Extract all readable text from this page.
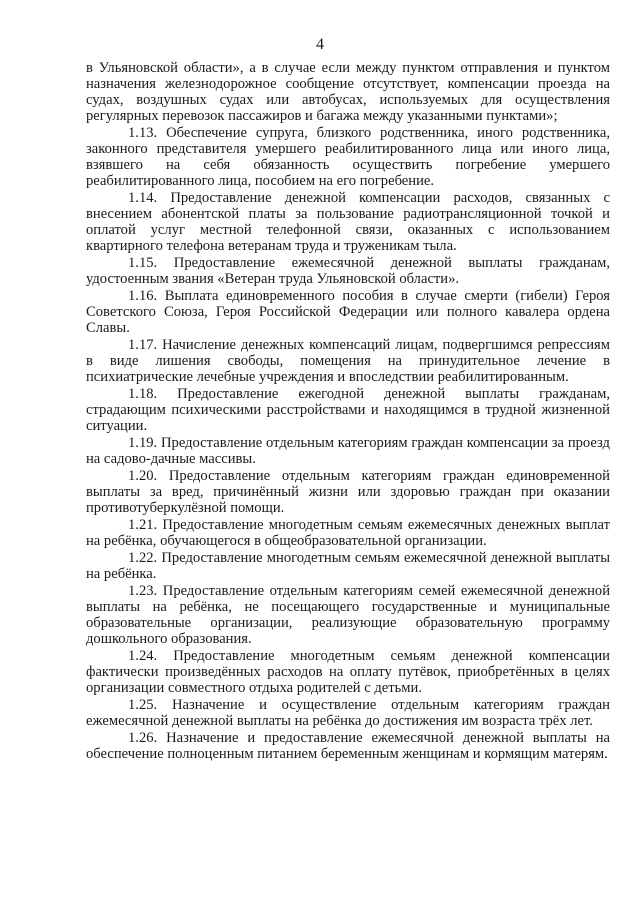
4

в Ульяновской области», а в случае если между пунктом отправления и пунктом назначения железнодорожное сообщение отсутствует, компенсации проезда на судах, воздушных судах или автобусах, используемых для осуществления регулярных перевозок пассажиров и багажа между указанными пунктами»;

1.13. Обеспечение супруга, близкого родственника, иного родственника, законного представителя умершего реабилитированного лица или иного лица, взявшего на себя обязанность осуществить погребение умершего реабилитированного лица, пособием на его погребение.

1.14. Предоставление денежной компенсации расходов, связанных с внесением абонентской платы за пользование радиотрансляционной точкой и оплатой услуг местной телефонной связи, оказанных с использованием квартирного телефона ветеранам труда и труженикам тыла.

1.15. Предоставление ежемесячной денежной выплаты гражданам, удостоенным звания «Ветеран труда Ульяновской области».

1.16. Выплата единовременного пособия в случае смерти (гибели) Героя Советского Союза, Героя Российской Федерации или полного кавалера ордена Славы.

1.17. Начисление денежных компенсаций лицам, подвергшимся репрессиям в виде лишения свободы, помещения на принудительное лечение в психиатрические лечебные учреждения и впоследствии реабилитированным.

1.18. Предоставление ежегодной денежной выплаты гражданам, страдающим психическими расстройствами и находящимся в трудной жизненной ситуации.

1.19. Предоставление отдельным категориям граждан компенсации за проезд на садово-дачные массивы.

1.20. Предоставление отдельным категориям граждан единовременной выплаты за вред, причинённый жизни или здоровью граждан при оказании противотуберкулёзной помощи.

1.21. Предоставление многодетным семьям ежемесячных денежных выплат на ребёнка, обучающегося в общеобразовательной организации.

1.22. Предоставление многодетным семьям ежемесячной денежной выплаты на ребёнка.

1.23. Предоставление отдельным категориям семей ежемесячной денежной выплаты на ребёнка, не посещающего государственные и муниципальные образовательные организации, реализующие образовательную программу дошкольного образования.

1.24. Предоставление многодетным семьям денежной компенсации фактически произведённых расходов на оплату путёвок, приобретённых в целях организации совместного отдыха родителей с детьми.

1.25. Назначение и осуществление отдельным категориям граждан ежемесячной денежной выплаты на ребёнка до достижения им возраста трёх лет.

1.26. Назначение и предоставление ежемесячной денежной выплаты на обеспечение полноценным питанием беременным женщинам и кормящим матерям.
